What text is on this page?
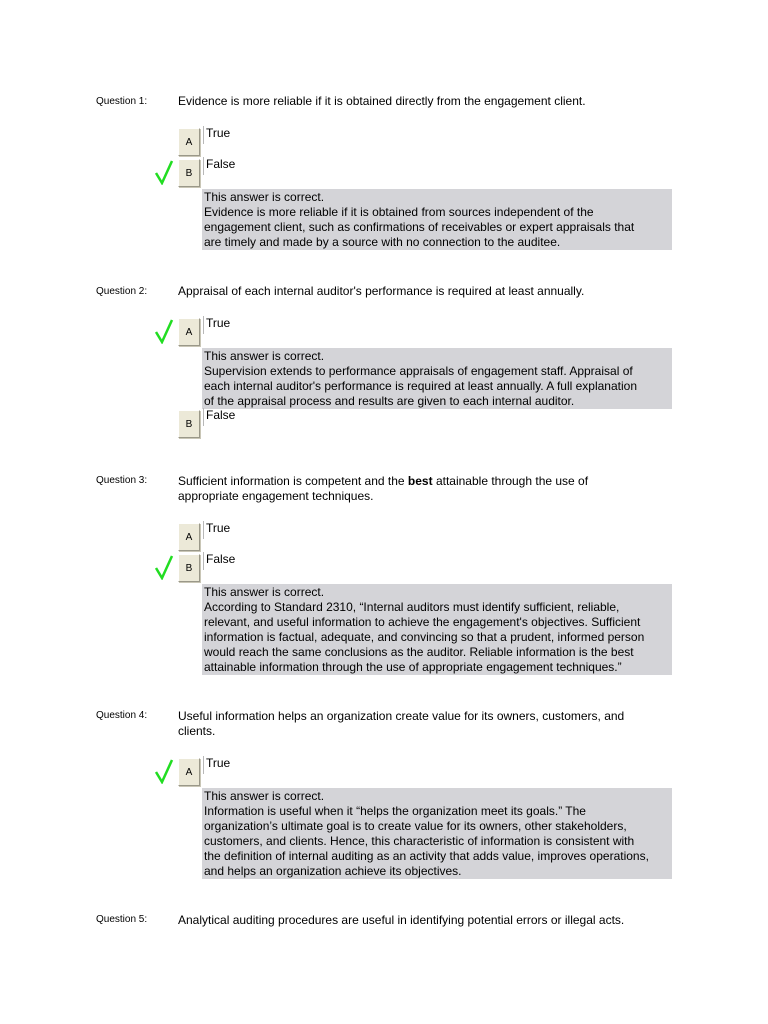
Question 1:	Evidence is more reliable if it is obtained directly from the engagement client.
A
True
B
False
This answer is correct.
Evidence is more reliable if it is obtained from sources independent of the
engagement client, such as confirmations of receivables or expert appraisals that
are timely and made by a source with no connection to the auditee.
Question 2:	Appraisal of each internal auditor's performance is required at least annually.
A
True
This answer is correct.
Supervision extends to performance appraisals of engagement staff. Appraisal of
each internal auditor's performance is required at least annually. A full explanation
of the appraisal process and results are given to each internal auditor.
B
False
Question 3:	Sufficient information is competent and the best attainable through the use of
appropriate engagement techniques.
A
True
B
False
This answer is correct.
According to Standard 2310, “Internal auditors must identify sufficient, reliable,
relevant, and useful information to achieve the engagement's objectives. Sufficient
information is factual, adequate, and convincing so that a prudent, informed person
would reach the same conclusions as the auditor. Reliable information is the best
attainable information through the use of appropriate engagement techniques.”
Question 4:	Useful information helps an organization create value for its owners, customers, and
clients.
A
True
This answer is correct.
Information is useful when it “helps the organization meet its goals.” The
organization’s ultimate goal is to create value for its owners, other stakeholders,
customers, and clients. Hence, this characteristic of information is consistent with
the definition of internal auditing as an activity that adds value, improves operations,
and helps an organization achieve its objectives.
Question 5:	Analytical auditing procedures are useful in identifying potential errors or illegal acts.
